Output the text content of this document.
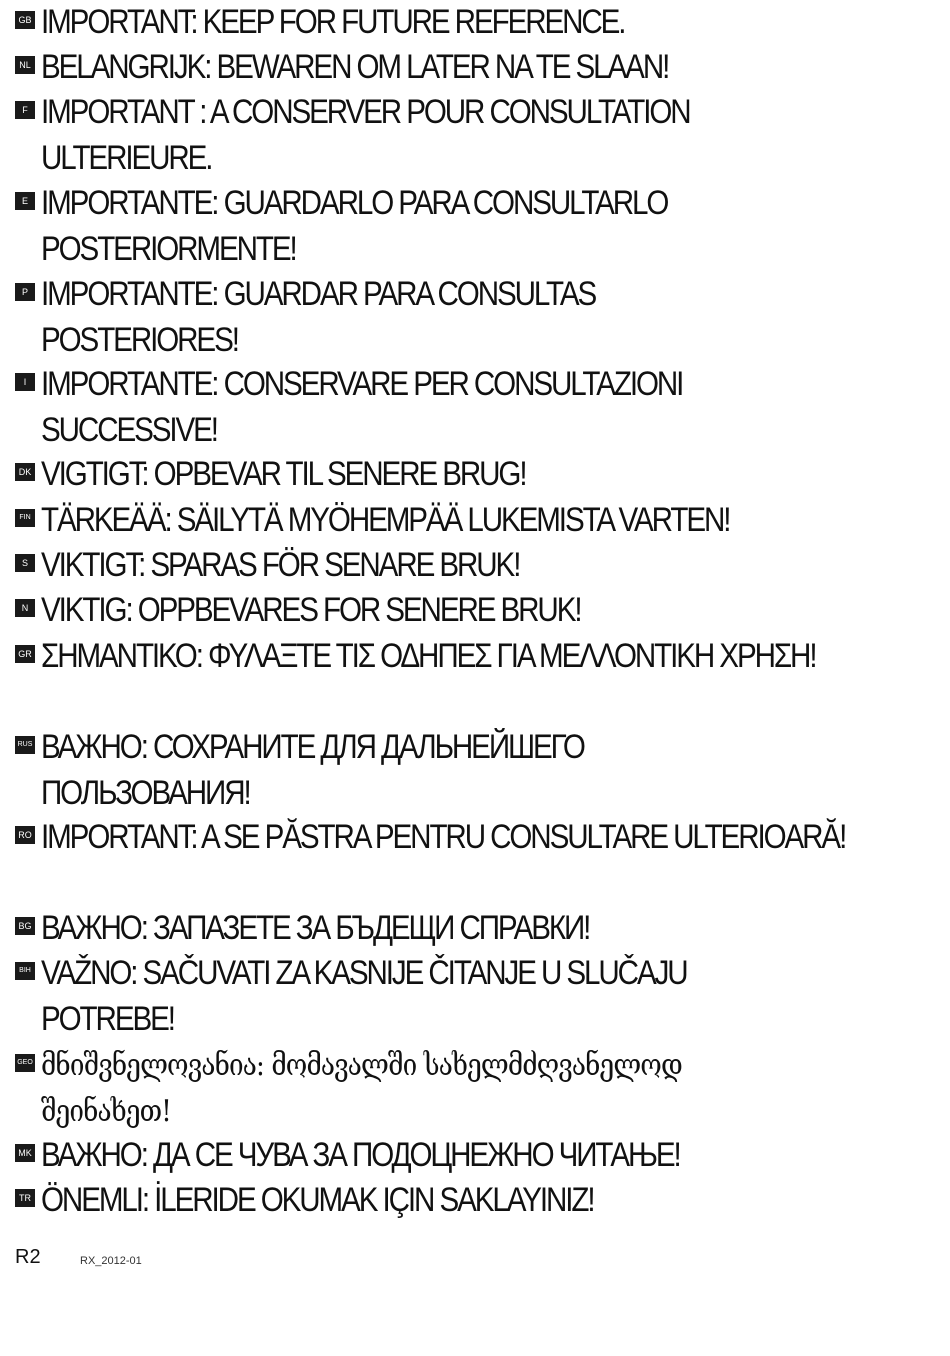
GB IMPORTANT: KEEP FOR FUTURE REFERENCE.
NL BELANGRIJK: BEWAREN OM LATER NA TE SLAAN!
F IMPORTANT : A CONSERVER POUR CONSULTATION ULTERIEURE.
E IMPORTANTE: GUARDARLO PARA CONSULTARLO POSTERIORMENTE!
P IMPORTANTE: GUARDAR PARA CONSULTAS POSTERIORES!
I IMPORTANTE: CONSERVARE PER CONSULTAZIONI SUCCESSIVE!
DK VIGTIGT: OPBEVAR TIL SENERE BRUG!
FIN TÄRKEÄÄ: SÄILYTÄ MYÖHEMPÄÄ LUKEMISTA VARTEN!
S VIKTIGT: SPARAS FÖR SENARE BRUK!
N VIKTIG: OPPBEVARES FOR SENERE BRUK!
GR ΣΗΜΑΝΤΙΚΟ: ΦΥΛΑΞΤΕ ΤΙΣ ΟΔΗΠΕΣ ΓΙΑ ΜΕΛΛΟΝΤΙΚΗ ΧΡΗΣΗ!
RUS ВАЖНО: СОХРАНИТЕ ДЛЯ ДАЛЬНЕЙШЕГО ПОЛЬЗОВАНИЯ!
RO IMPORTANT: A SE PĂSTRA PENTRU CONSULTARE ULTERIOARĂ!
BG ВАЖНО: ЗАПАЗЕТЕ ЗА БЪДЕЩИ СПРАВКИ!
BIH VAŽNO: SAČUVATI ZA KASNIJE ČITANJE U SLUČAJU POTREBE!
GEO მნიშვნელოვანია: მომავალში სახელმძღვანელოდ შეინახეთ!
MK ВАЖНО: ДА СЕ ЧУВА ЗА ПОДОЦНЕЖНО ЧИТАЊЕ!
TR ÖNEMLI: İLERIDE OKUMAK IÇIN SAKLAYINIZ!
R2	RX_2012-01
